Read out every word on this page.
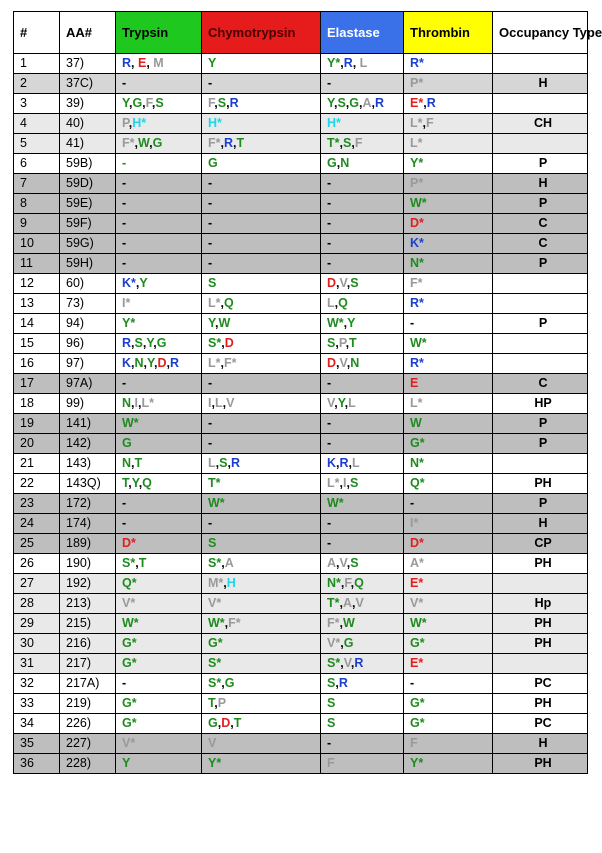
#	AA#	Trypsin	Chymotrypsin	Elastase	Thrombin	Occupancy Type
1	37)	R, E, M	Y	Y*,R, L	R*	
2	37C)	-	-	-	P*	H
3	39)	Y,G,F,S	F,S,R	Y,S,G,A,R	E*,R	
4	40)	P,H*	H*	H*	L*,F	CH
5	41)	F*,W,G	F*,R,T	T*,S,F	L*	
6	59B)	-	G	G,N	Y*	P
7	59D)	-	-	-	P*	H
8	59E)	-	-	-	W*	P
9	59F)	-	-	-	D*	C
10	59G)	-	-	-	K*	C
11	59H)	-	-	-	N*	P
12	60)	K*,Y	S	D,V,S	F*	
13	73)	I*	L*,Q	L,Q	R*	
14	94)	Y*	Y,W	W*,Y	-	P
15	96)	R,S,Y,G	S*,D	S,P,T	W*	
16	97)	K,N,Y,D,R	L*,F*	D,V,N	R*	
17	97A)	-	-	-	E	C
18	99)	N,I,L*	I,L,V	V,Y,L	L*	HP
19	141)	W*	-	-	W	P
20	142)	G	-	-	G*	P
21	143)	N,T	L,S,R	K,R,L	N*	
22	143Q)	T,Y,Q	T*	L*,I,S	Q*	PH
23	172)	-	W*	W*	-	P
24	174)	-	-	-	I*	H
25	189)	D*	S	-	D*	CP
26	190)	S*,T	S*,A	A,V,S	A*	PH
27	192)	Q*	M*,H	N*,F,Q	E*	
28	213)	V*	V*	T*,A,V	V*	Hp
29	215)	W*	W*,F*	F*,W	W*	PH
30	216)	G*	G*	V*,G	G*	PH
31	217)	G*	S*	S*,V,R	E*	
32	217A)	-	S*,G	S,R	-	PC
33	219)	G*	T,P	S	G*	PH
34	226)	G*	G,D,T	S	G*	PC
35	227)	V*	V	-	F	H
36	228)	Y	Y*	F	Y*	PH
